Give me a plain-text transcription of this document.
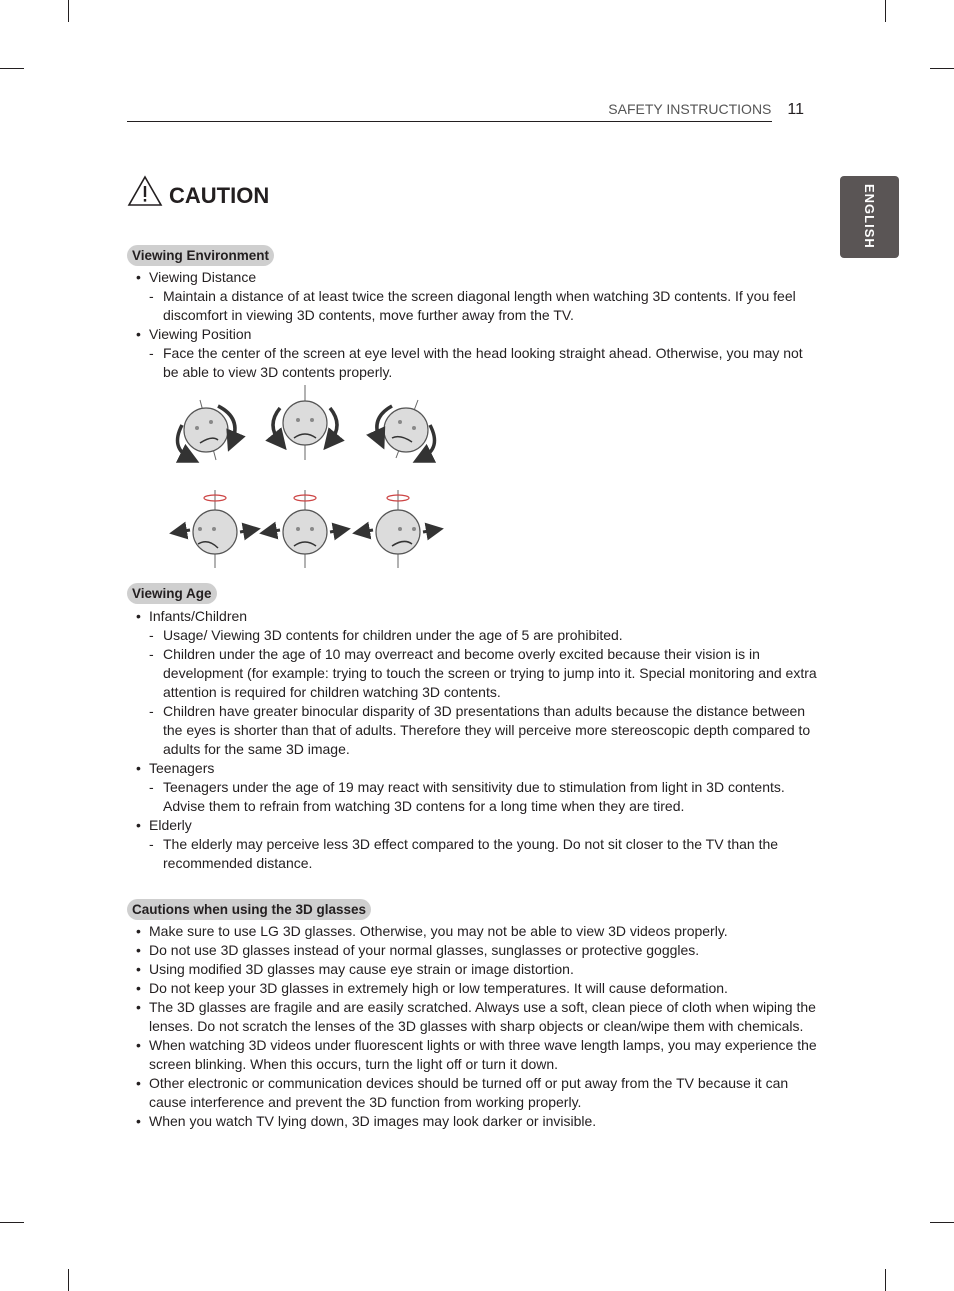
SAFETY INSTRUCTIONS 11
ENGLISH
CAUTION
Viewing Environment
• Viewing Distance
- Maintain a distance of at least twice the screen diagonal length when watching 3D contents. If you feel discomfort in viewing 3D contents, move further away from the TV.
• Viewing Position
- Face the center of the screen at eye level with the head looking straight ahead. Otherwise, you may not be able to view 3D contents properly.
Viewing Age
• Infants/Children
- Usage/ Viewing 3D contents for children under the age of 5 are prohibited.
- Children under the age of 10 may overreact and become overly excited because their vision is in development (for example: trying to touch the screen or trying to jump into it. Special monitoring and extra attention is required for children watching 3D contents.
- Children have greater binocular disparity of 3D presentations than adults because the distance between the eyes is shorter than that of adults. Therefore they will perceive more stereoscopic depth compared to adults for the same 3D image.
• Teenagers
- Teenagers under the age of 19 may react with sensitivity due to stimulation from light in 3D contents. Advise them to refrain from watching 3D contens for a long time when they are tired.
• Elderly
- The elderly may perceive less 3D effect compared to the young. Do not sit closer to the TV than the recommended distance.
Cautions when using the 3D glasses
• Make sure to use LG 3D glasses. Otherwise, you may not be able to view 3D videos properly.
• Do not use 3D glasses instead of your normal glasses, sunglasses or protective goggles.
• Using modified 3D glasses may cause eye strain or image distortion.
• Do not keep your 3D glasses in extremely high or low temperatures. It will cause deformation.
• The 3D glasses are fragile and are easily scratched. Always use a soft, clean piece of cloth when wiping the lenses. Do not scratch the lenses of the 3D glasses with sharp objects or clean/wipe them with chemicals.
• When watching 3D videos under fluorescent lights or with three wave length lamps, you may experience the screen blinking. When this occurs, turn the light off or turn it down.
• Other electronic or communication devices should be turned off or put away from the TV because it can cause interference and prevent the 3D function from working properly.
• When you watch TV lying down, 3D images may look darker or invisible.
